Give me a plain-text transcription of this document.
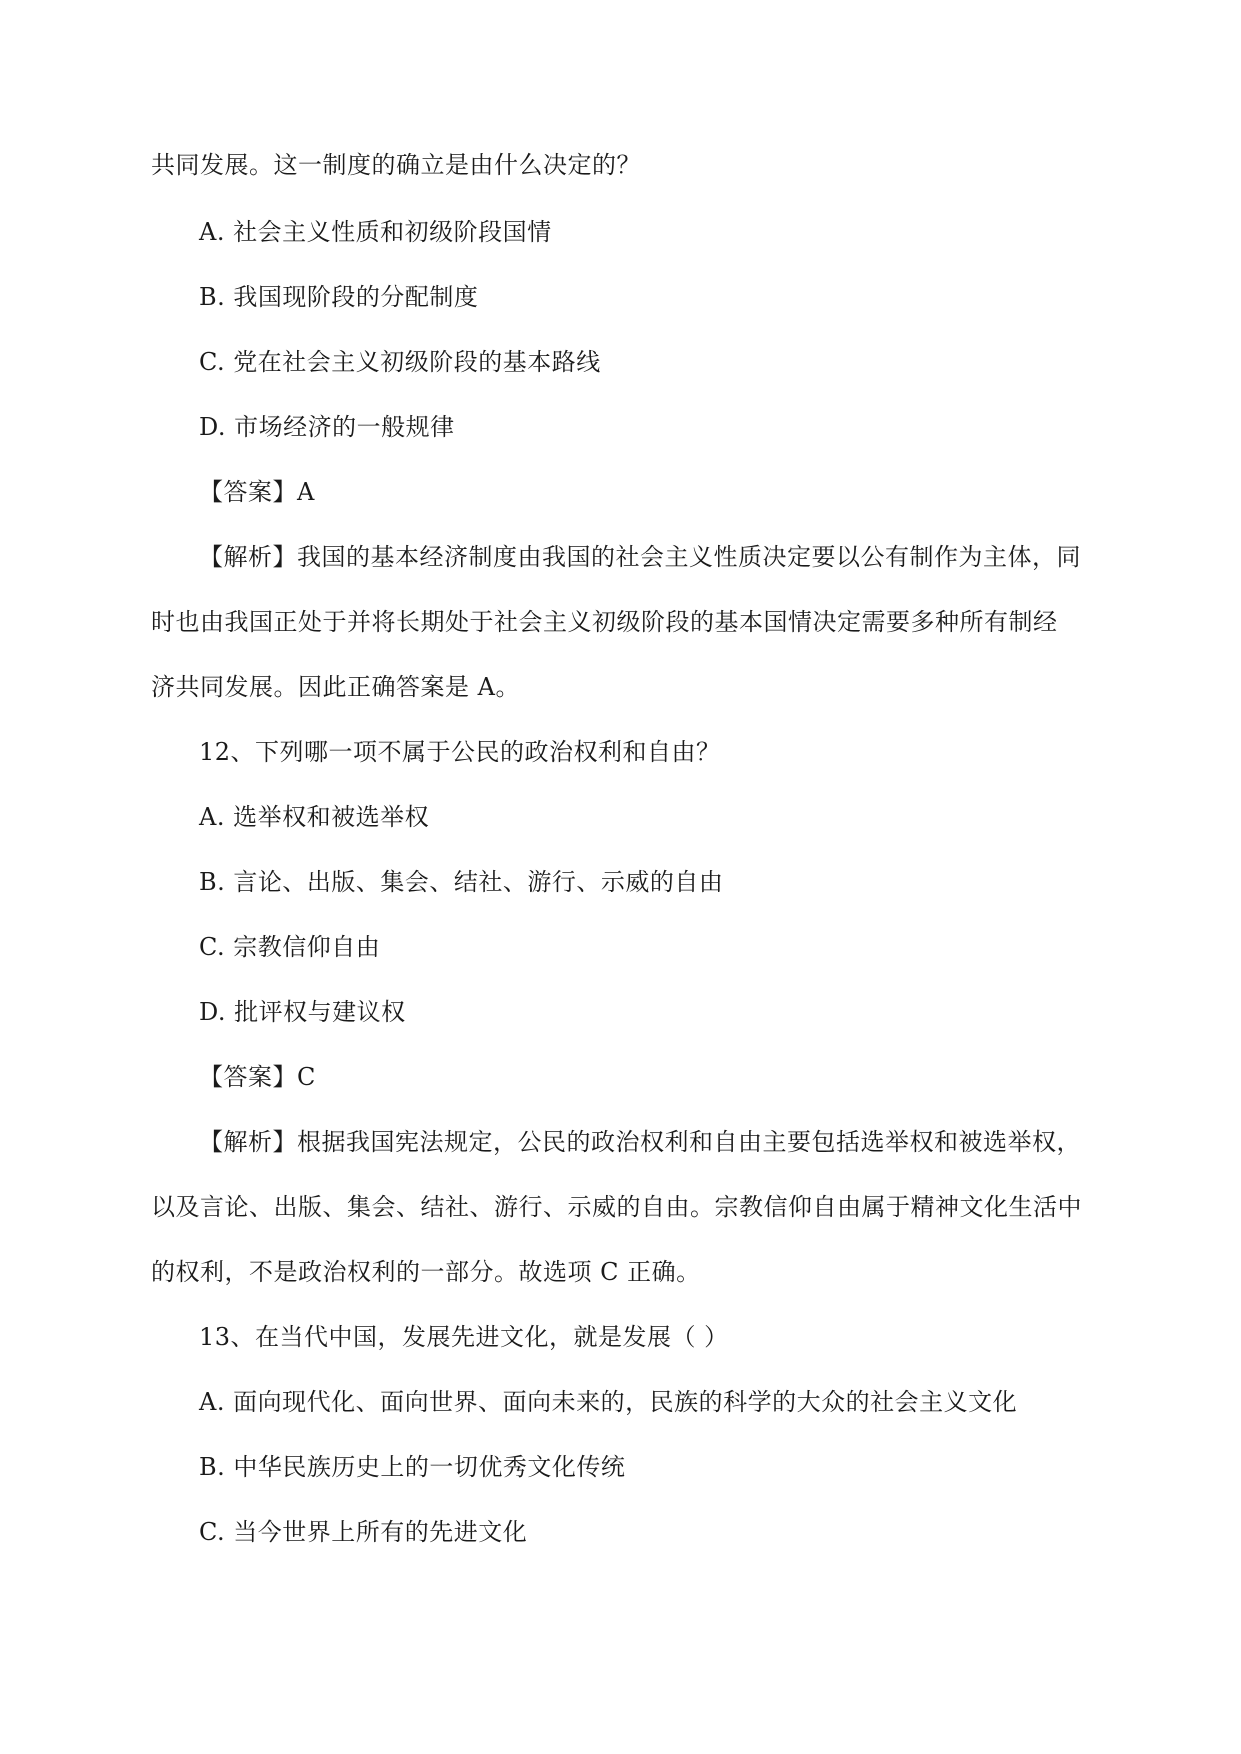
共同发展。这一制度的确立是由什么决定的？
A. 社会主义性质和初级阶段国情
B. 我国现阶段的分配制度
C. 党在社会主义初级阶段的基本路线
D. 市场经济的一般规律
【答案】A
【解析】我国的基本经济制度由我国的社会主义性质决定要以公有制作为主体，同
时也由我国正处于并将长期处于社会主义初级阶段的基本国情决定需要多种所有制经
济共同发展。因此正确答案是 A。
12、下列哪一项不属于公民的政治权利和自由？
A. 选举权和被选举权
B. 言论、出版、集会、结社、游行、示威的自由
C. 宗教信仰自由
D. 批评权与建议权
【答案】C
【解析】根据我国宪法规定，公民的政治权利和自由主要包括选举权和被选举权，
以及言论、出版、集会、结社、游行、示威的自由。宗教信仰自由属于精神文化生活中
的权利，不是政治权利的一部分。故选项 C 正确。
13、在当代中国，发展先进文化，就是发展（ ）
A. 面向现代化、面向世界、面向未来的，民族的科学的大众的社会主义文化
B. 中华民族历史上的一切优秀文化传统
C. 当今世界上所有的先进文化
